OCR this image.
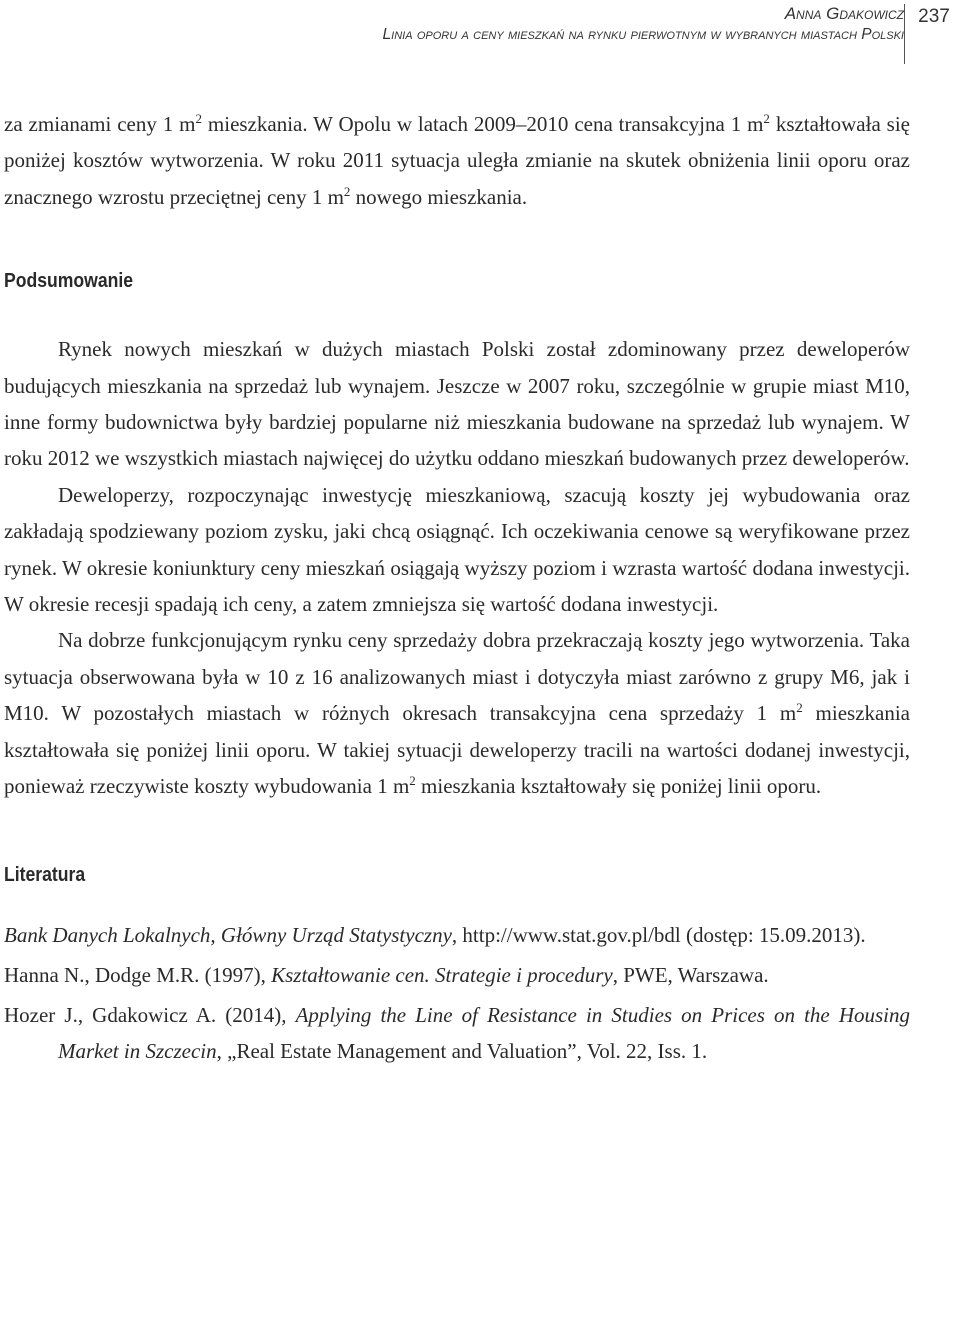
Anna Gdakowicz
Linia oporu a ceny mieszkań na rynku pierwotnym w wybranych miastach Polski
237

za zmianami ceny 1 $m^2$ mieszkania. W Opolu w latach 2009–2010 cena transakcyjna 1 $m^2$ kształtowała się poniżej kosztów wytworzenia. W roku 2011 sytuacja uległa zmianie na skutek obniżenia linii oporu oraz znacznego wzrostu przeciętnej ceny 1 $m^2$ nowego mieszkania.

Podsumowanie

Rynek nowych mieszkań w dużych miastach Polski został zdominowany przez deweloperów budujących mieszkania na sprzedaż lub wynajem. Jeszcze w 2007 roku, szczególnie w grupie miast M10, inne formy budownictwa były bardziej popularne niż mieszkania budowane na sprzedaż lub wynajem. W roku 2012 we wszystkich miastach najwięcej do użytku oddano mieszkań budowanych przez deweloperów.

Deweloperzy, rozpoczynając inwestycję mieszkaniową, szacują koszty jej wybudowania oraz zakładają spodziewany poziom zysku, jaki chcą osiągnąć. Ich oczekiwania cenowe są weryfikowane przez rynek. W okresie koniunktury ceny mieszkań osiągają wyższy poziom i wzrasta wartość dodana inwestycji. W okresie recesji spadają ich ceny, a zatem zmniejsza się wartość dodana inwestycji.

Na dobrze funkcjonującym rynku ceny sprzedaży dobra przekraczają koszty jego wytworzenia. Taka sytuacja obserwowana była w 10 z 16 analizowanych miast i dotyczyła miast zarówno z grupy M6, jak i M10. W pozostałych miastach w różnych okresach transakcyjna cena sprzedaży 1 $m^2$ mieszkania kształtowała się poniżej linii oporu. W takiej sytuacji deweloperzy tracili na wartości dodanej inwestycji, ponieważ rzeczywiste koszty wybudowania 1 $m^2$ mieszkania kształtowały się poniżej linii oporu.

Literatura

Bank Danych Lokalnych, Główny Urząd Statystyczny, http://www.stat.gov.pl/bdl (dostęp: 15.09.2013).

Hanna N., Dodge M.R. (1997), Kształtowanie cen. Strategie i procedury, PWE, Warszawa.

Hozer J., Gdakowicz A. (2014), Applying the Line of Resistance in Studies on Prices on the Housing Market in Szczecin, „Real Estate Management and Valuation”, Vol. 22, Iss. 1.
